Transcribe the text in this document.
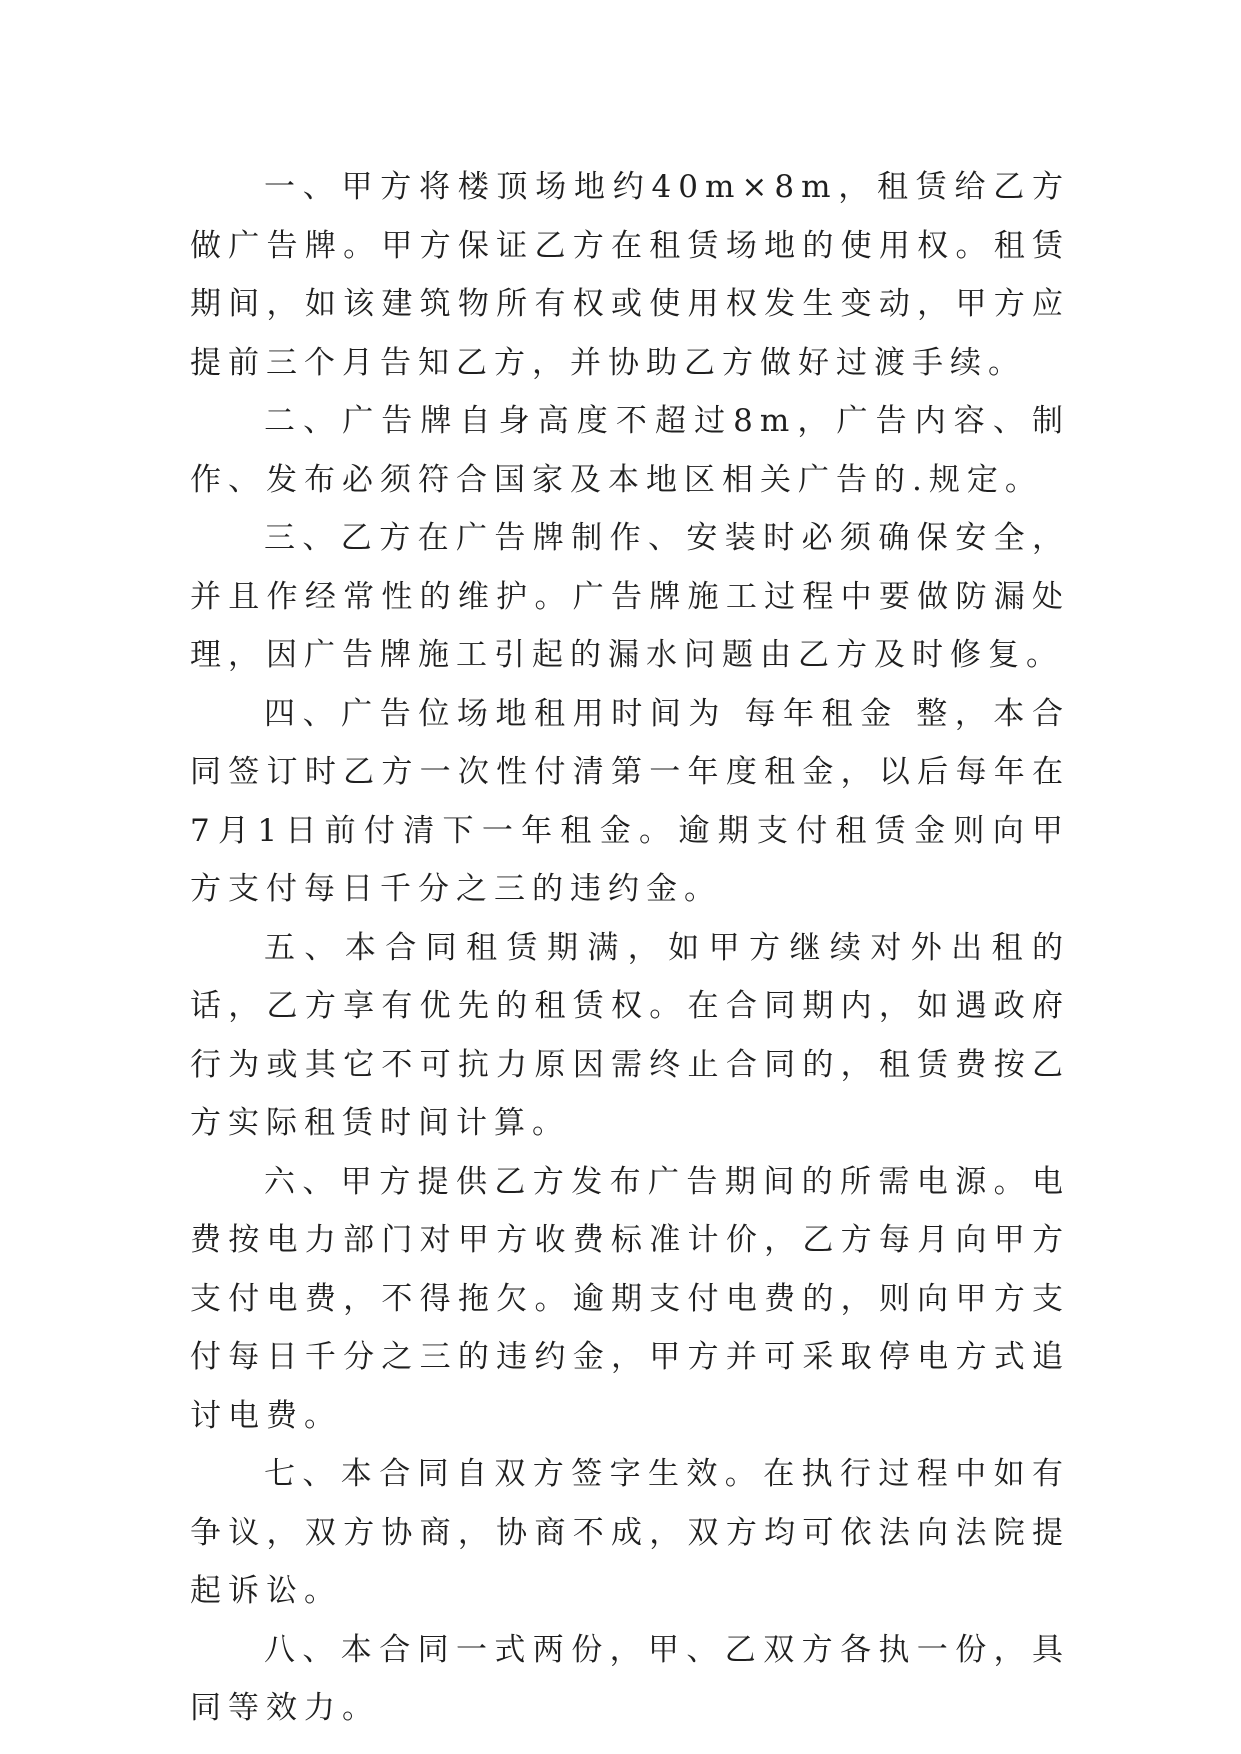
一、甲方将楼顶场地约40m×8m，租赁给乙方做广告牌。甲方保证乙方在租赁场地的使用权。租赁期间，如该建筑物所有权或使用权发生变动，甲方应提前三个月告知乙方，并协助乙方做好过渡手续。

二、广告牌自身高度不超过8m，广告内容、制作、发布必须符合国家及本地区相关广告的.规定。

三、乙方在广告牌制作、安装时必须确保安全，并且作经常性的维护。广告牌施工过程中要做防漏处理，因广告牌施工引起的漏水问题由乙方及时修复。

四、广告位场地租用时间为 每年租金 整，本合同签订时乙方一次性付清第一年度租金，以后每年在7月1日前付清下一年租金。逾期支付租赁金则向甲方支付每日千分之三的违约金。

五、本合同租赁期满，如甲方继续对外出租的话，乙方享有优先的租赁权。在合同期内，如遇政府行为或其它不可抗力原因需终止合同的，租赁费按乙方实际租赁时间计算。

六、甲方提供乙方发布广告期间的所需电源。电费按电力部门对甲方收费标准计价，乙方每月向甲方支付电费，不得拖欠。逾期支付电费的，则向甲方支付每日千分之三的违约金，甲方并可采取停电方式追讨电费。

七、本合同自双方签字生效。在执行过程中如有争议，双方协商，协商不成，双方均可依法向法院提起诉讼。

八、本合同一式两份，甲、乙双方各执一份，具同等效力。
